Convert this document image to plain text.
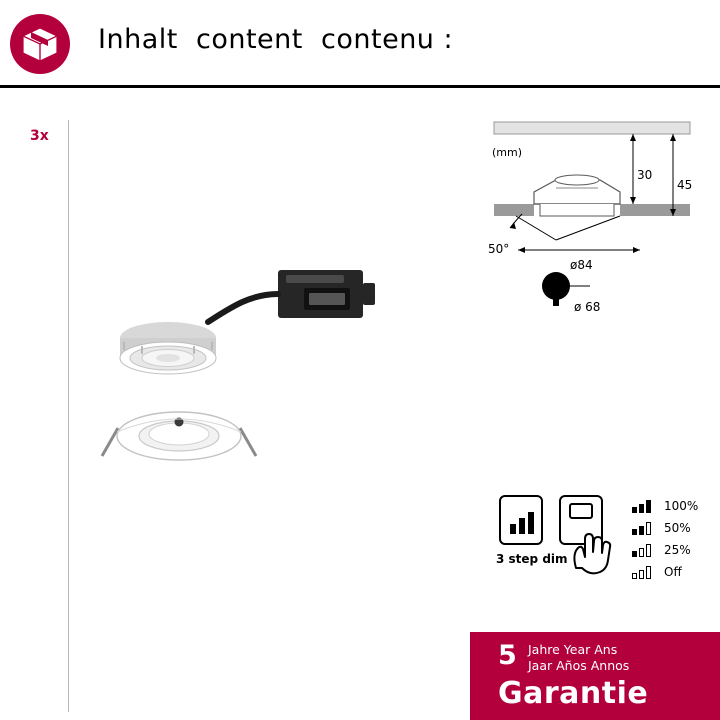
Inhalt  content  contenu :
3x
(mm)
30
45
50°
ø84
ø 68
3 step dim
100%
50%
25%
Off
5 Jahre Year Ans
Jaar Años Annos
Garantie
